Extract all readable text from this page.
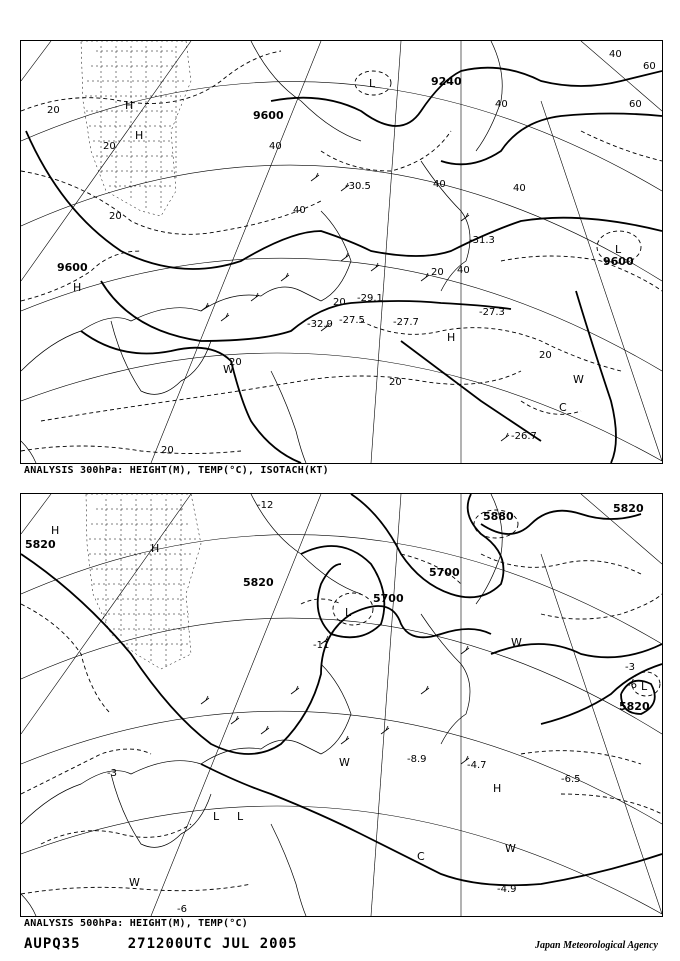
9240
9600
9600
9600
20
20
20
20
20
20
20
20
20
40
40
40
40	40
40
40
60
60
H
H
H
H
L
L
W
W
C
-31.3
-27.7
-27.3
-26.7
-29.1
-27.5
-30.5
-32.9
ANALYSIS 300hPa: HEIGHT(M), TEMP(°C), ISOTACH(KT)
5820
5820
5700
5820
5700
5880
5820
-3
-3
-6
-6
-4.7
-4.9
-6.5
-12
-11
-8.9
H
H
H
L
L
L
L
W
W
W
W
C
ANALYSIS 500hPa: HEIGHT(M), TEMP(°C)
AUPQ35	271200UTC JUL 2005	Japan Meteorological Agency
